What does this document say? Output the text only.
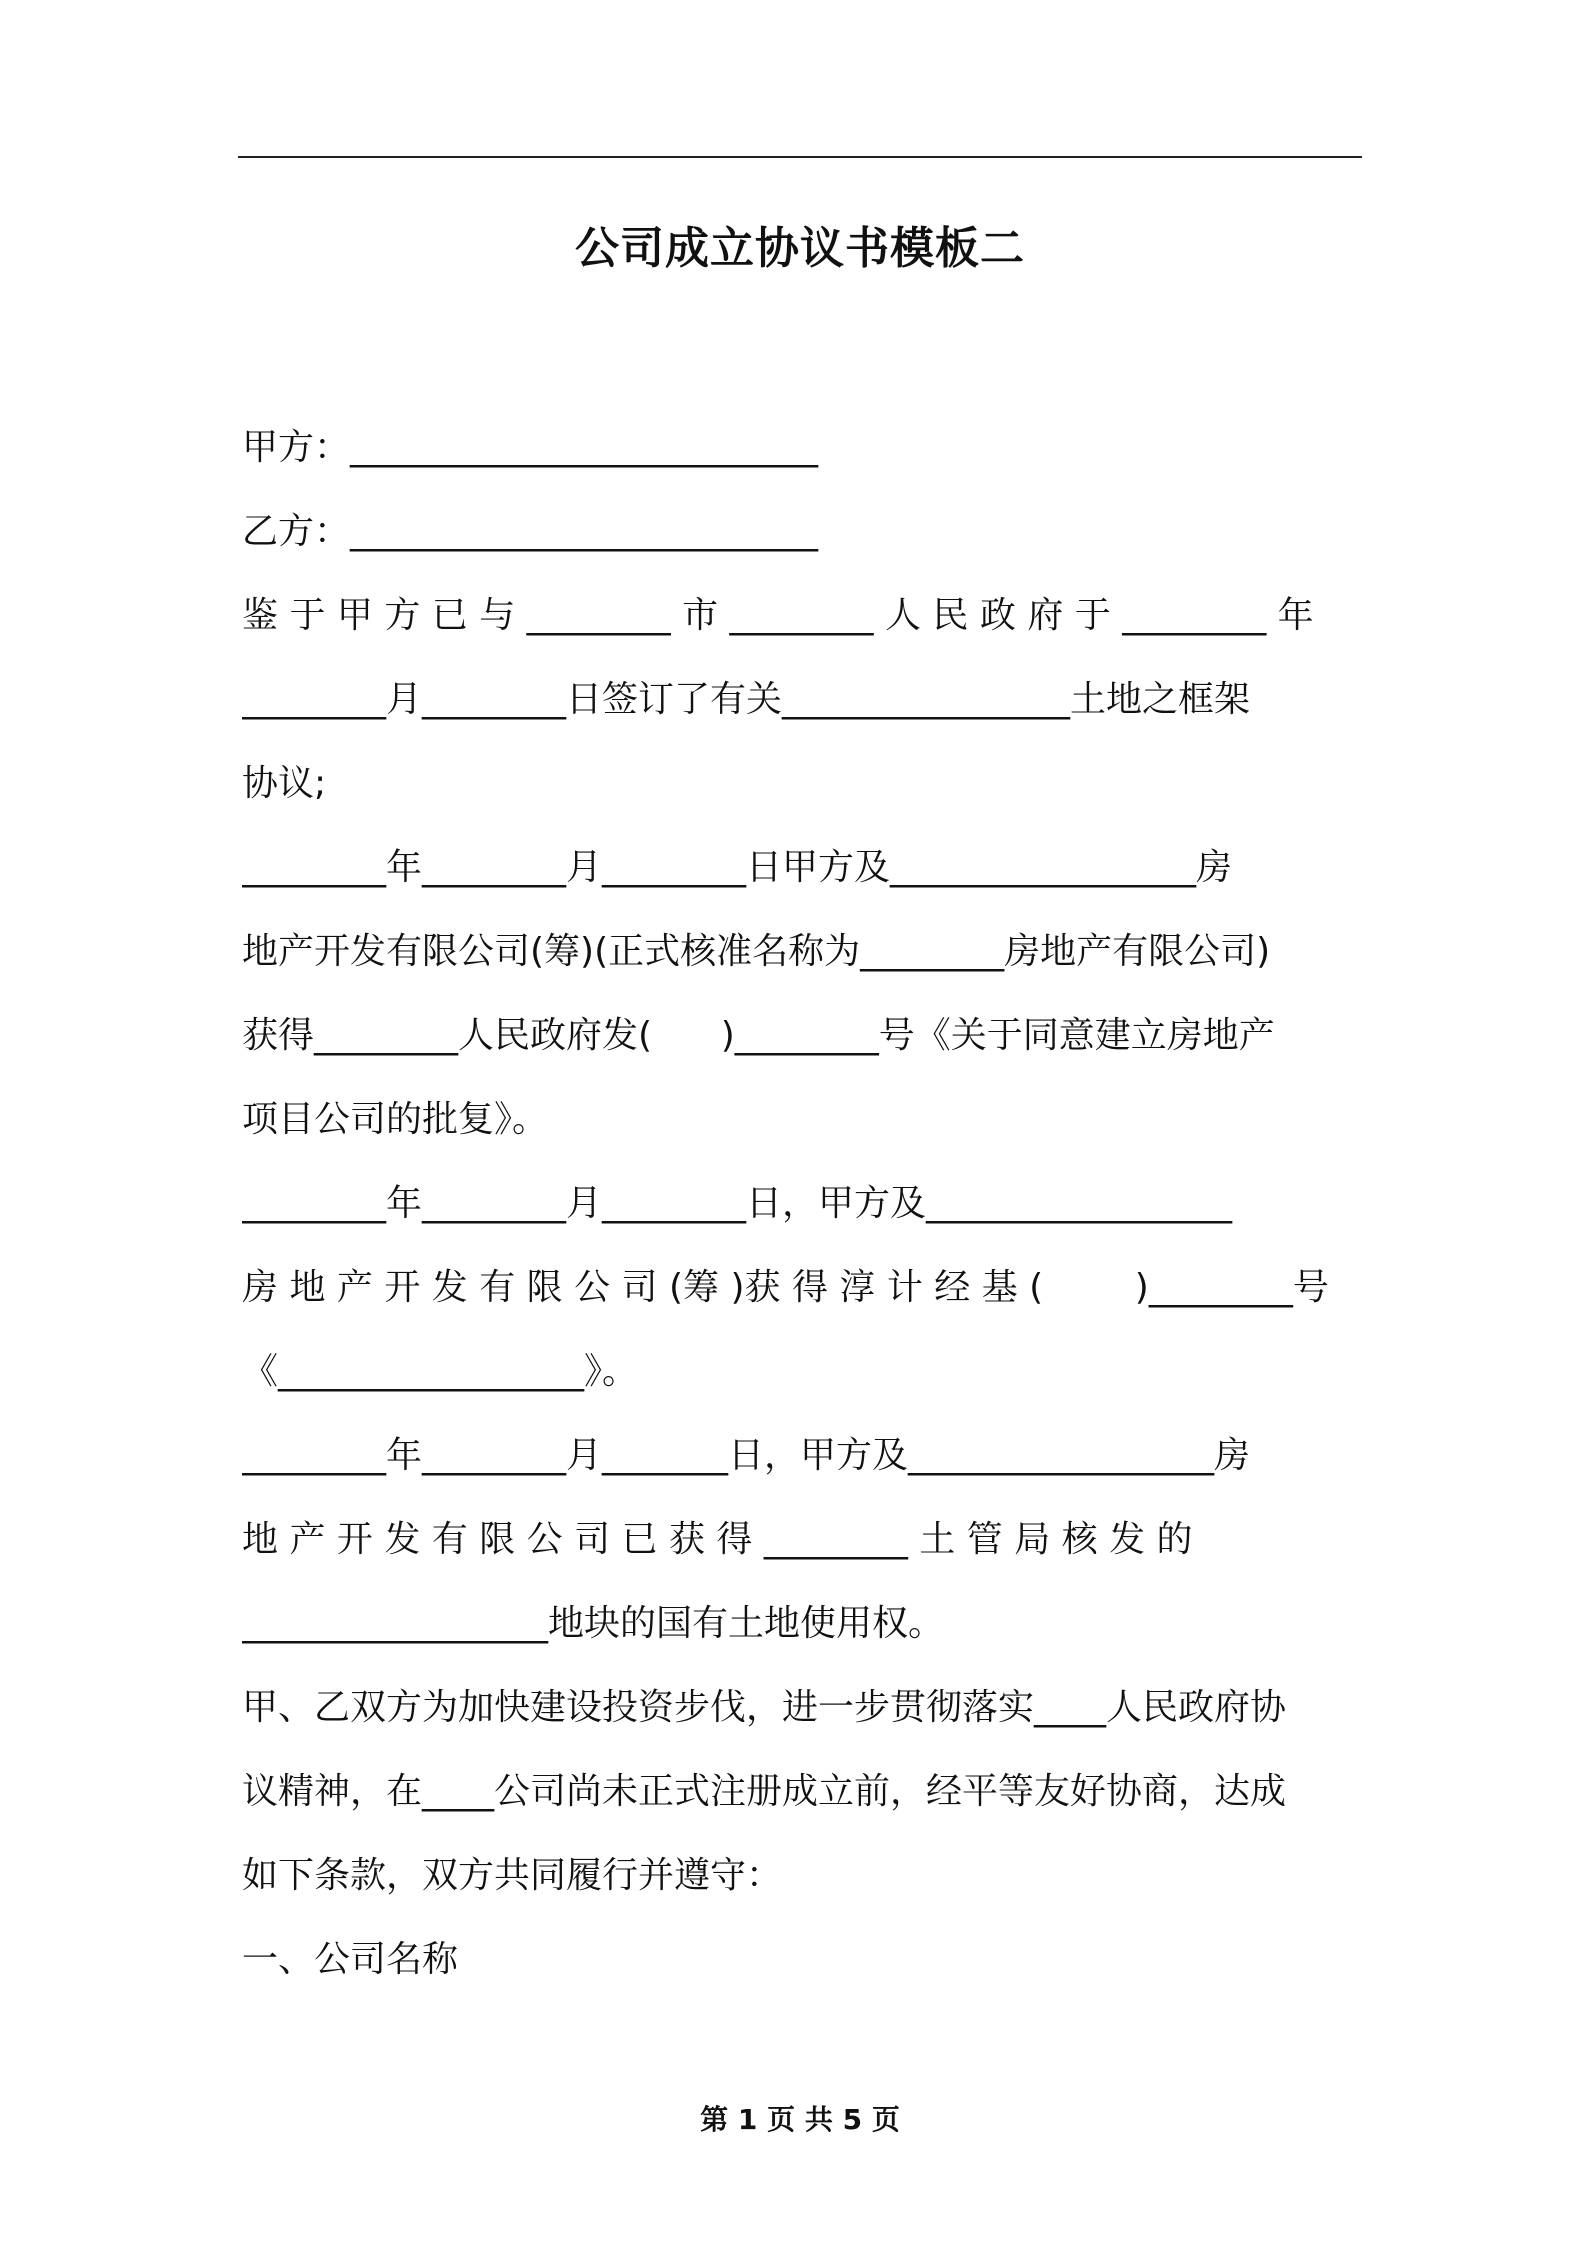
公司成立协议书模板二
甲方：__________________________
乙方：__________________________
鉴 于 甲 方 已 与 ________ 市 ________ 人 民 政 府 于 ________ 年
________月________日签订了有关________________土地之框架
协议;
________年________月________日甲方及_________________房
地产开发有限公司(筹)(正式核准名称为________房地产有限公司)
获得________人民政府发(      )________号《关于同意建立房地产
项目公司的批复》。
________年________月________日，甲方及_________________
房 地 产 开 发 有 限 公 司 (筹 )获 得 淳 计 经 基 (        )________号
《_________________》。
________年________月_______日，甲方及_________________房
地 产 开 发 有 限 公 司 已 获 得 ________ 土 管 局 核 发 的
_________________地块的国有土地使用权。
甲、乙双方为加快建设投资步伐，进一步贯彻落实____人民政府协
议精神，在____公司尚未正式注册成立前，经平等友好协商，达成
如下条款，双方共同履行并遵守：
一、公司名称
第 1 页 共 5 页
